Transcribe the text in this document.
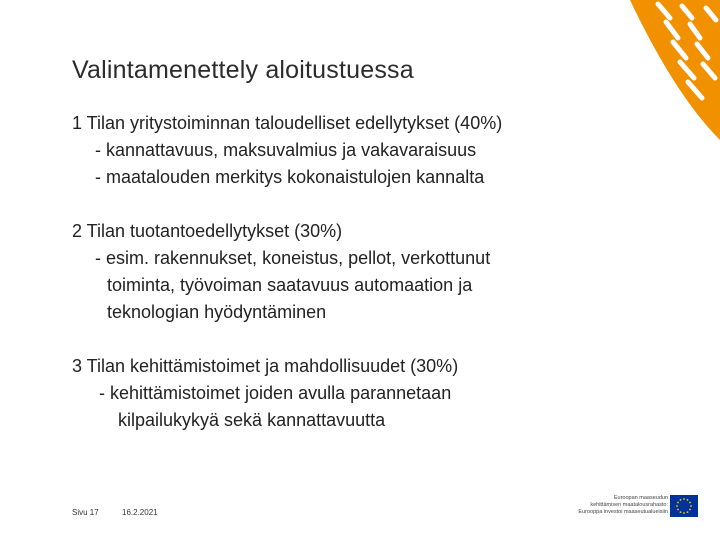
Valintamenettely aloitustuessa
1 Tilan yritystoiminnan taloudelliset edellytykset (40%)
- kannattavuus, maksuvalmius ja vakavaraisuus
- maatalouden merkitys kokonaistulojen kannalta
2 Tilan tuotantoedellytykset (30%)
- esim. rakennukset, koneistus, pellot, verkottunut
toiminta, työvoiman saatavuus automaation ja
teknologian hyödyntäminen
3 Tilan kehittämistoimet ja mahdollisuudet (30%)
- kehittämistoimet joiden avulla parannetaan
kilpailukykyä sekä kannattavuutta
Sivu 17	16.2.2021
Euroopan maaseudun
kehittämisen maatalousrahasto:
Eurooppa investoi maaseutualueisiin
